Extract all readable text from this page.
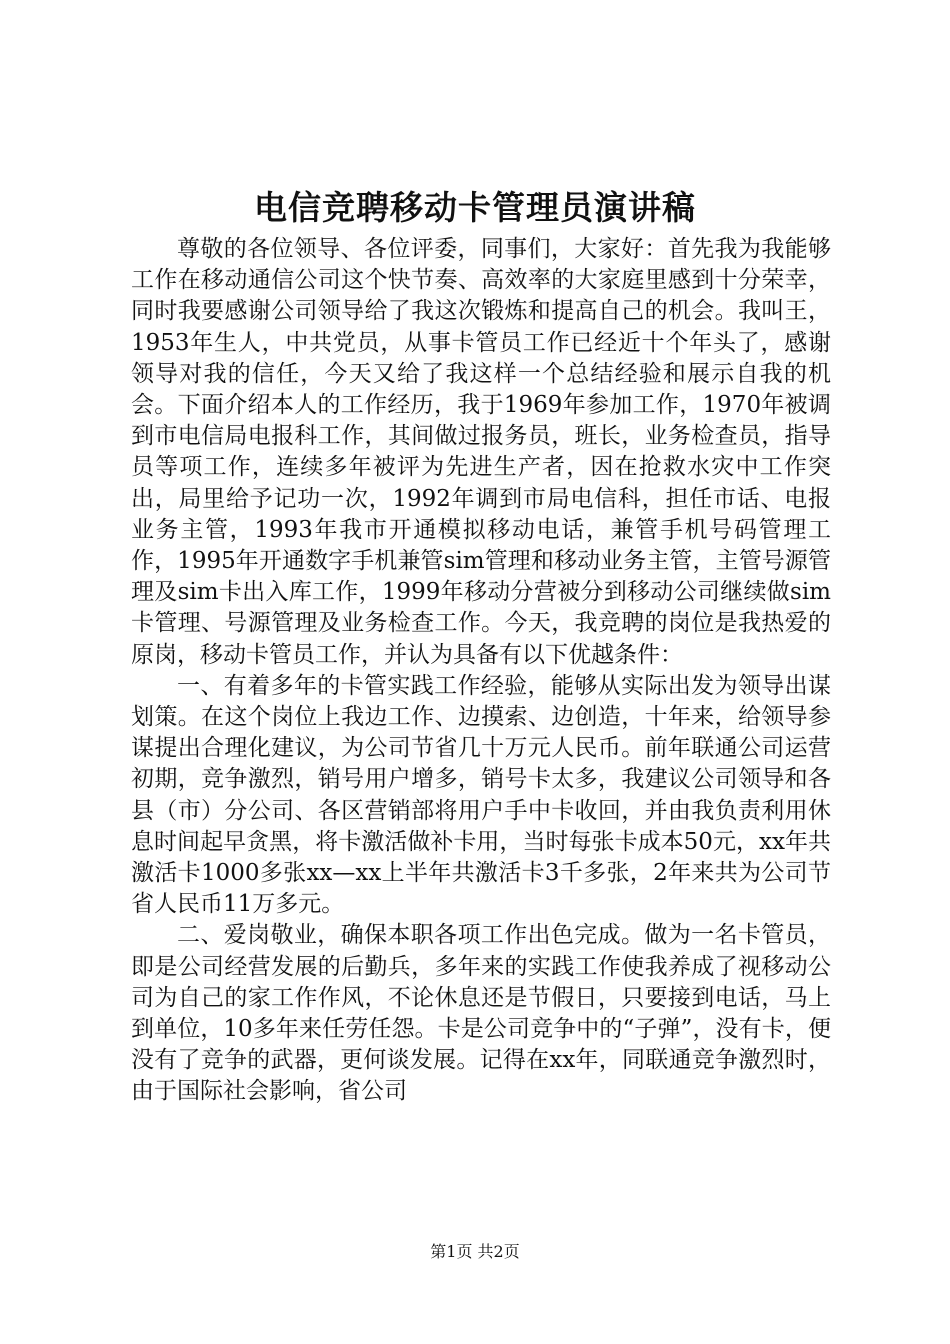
电信竞聘移动卡管理员演讲稿

尊敬的各位领导、各位评委，同事们，大家好：首先我为我能够工作在移动通信公司这个快节奏、高效率的大家庭里感到十分荣幸，同时我要感谢公司领导给了我这次锻炼和提高自己的机会。我叫王，1953年生人，中共党员，从事卡管员工作已经近十个年头了，感谢领导对我的信任，今天又给了我这样一个总结经验和展示自我的机会。下面介绍本人的工作经历，我于1969年参加工作，1970年被调到市电信局电报科工作，其间做过报务员，班长，业务检查员，指导员等项工作，连续多年被评为先进生产者，因在抢救水灾中工作突出，局里给予记功一次，1992年调到市局电信科，担任市话、电报业务主管，1993年我市开通模拟移动电话，兼管手机号码管理工作，1995年开通数字手机兼管sim管理和移动业务主管，主管号源管理及sim卡出入库工作，1999年移动分营被分到移动公司继续做sim卡管理、号源管理及业务检查工作。今天，我竞聘的岗位是我热爱的原岗，移动卡管员工作，并认为具备有以下优越条件：

一、有着多年的卡管实践工作经验，能够从实际出发为领导出谋划策。在这个岗位上我边工作、边摸索、边创造，十年来，给领导参谋提出合理化建议，为公司节省几十万元人民币。前年联通公司运营初期，竞争激烈，销号用户增多，销号卡太多，我建议公司领导和各县（市）分公司、各区营销部将用户手中卡收回，并由我负责利用休息时间起早贪黑，将卡激活做补卡用，当时每张卡成本50元，xx年共激活卡1000多张xx—xx上半年共激活卡3千多张，2年来共为公司节省人民币11万多元。

二、爱岗敬业，确保本职各项工作出色完成。做为一名卡管员，即是公司经营发展的后勤兵，多年来的实践工作使我养成了视移动公司为自己的家工作作风，不论休息还是节假日，只要接到电话，马上到单位，10多年来任劳任怨。卡是公司竞争中的“子弹”，没有卡，便没有了竞争的武器，更何谈发展。记得在xx年，同联通竞争激烈时，由于国际社会影响，省公司

第1页 共2页
